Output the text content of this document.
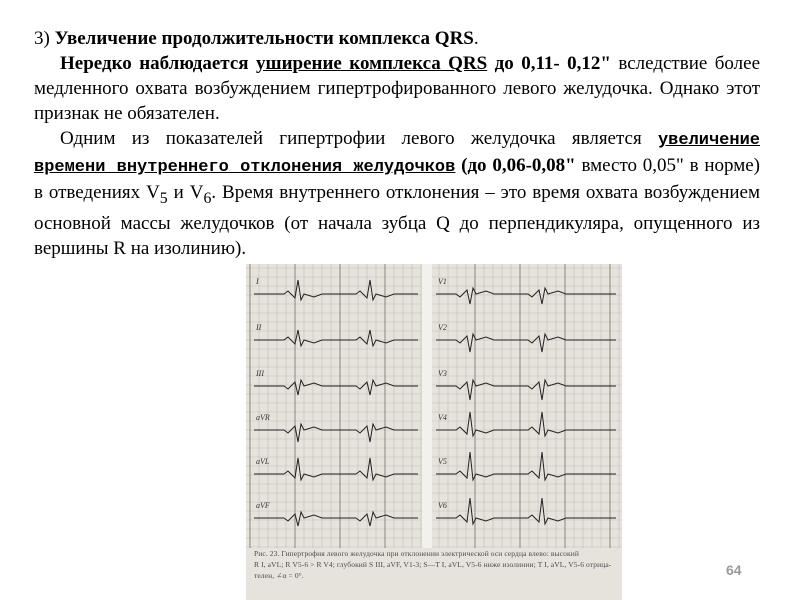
3) Увеличение продолжительности комплекса QRS.

Нередко наблюдается уширение комплекса QRS до 0,11- 0,12" вследствие более медленного охвата возбуждением гипертрофированного левого желудочка. Однако этот признак не обязателен.

Одним из показателей гипертрофии левого желудочка является увеличение времени внутреннего отклонения желудочков (до 0,06-0,08" вместо 0,05" в норме) в отведениях $V_5$ и $V_6$. Время внутреннего отклонения – это время охвата возбуждением основной массы желудочков (от начала зубца Q до перпендикуляра, опущенного из вершины R на изолинию).

I	V1
II	V2
III	V3
aVR	V4
aVL	V5
aVF	V6
Рис. 23. Гипертрофия левого желудочка при отклонении электрической оси сердца влево: высокий
R I, aVL; R V5-6 > R V4; глубокий S III, aVF, V1-3; S—T I, aVL, V5-6 ниже изолинии; T I, aVL, V5-6 отрица-
телен, ∠α = 0°.	64
